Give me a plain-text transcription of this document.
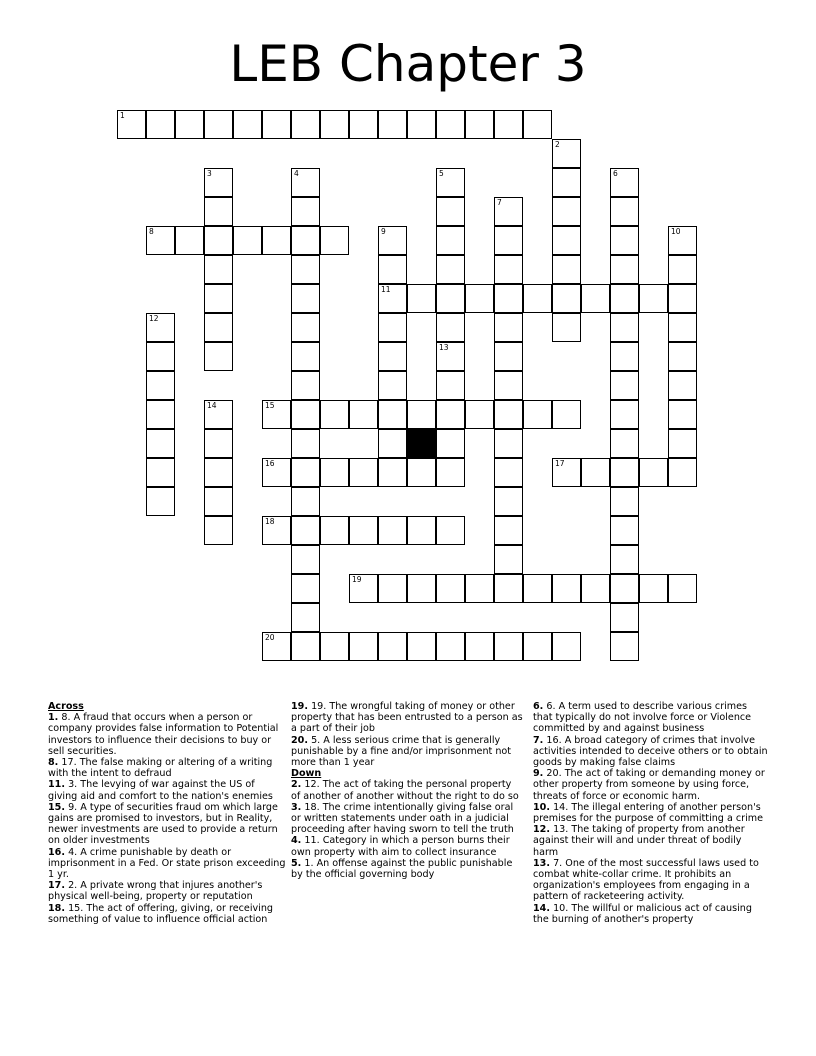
LEB Chapter 3
1
2
3	4	5
13
6
7
8	9
11
10
12
14	15
16	17
18
19
20
Across
1. 8. A fraud that occurs when a person or company provides false information to Potential investors to influence their decisions to buy or sell securities.
8. 17. The false making or altering of a writing with the intent to defraud
11. 3. The levying of war against the US of giving aid and comfort to the nation's enemies
15. 9. A type of securities fraud om which large gains are promised to investors, but in Reality, newer investments are used to provide a return on older investments
16. 4. A crime punishable by death or imprisonment in a Fed. Or state prison exceeding 1 yr.
17. 2. A private wrong that injures another's physical well-being, property or reputation
18. 15. The act of offering, giving, or receiving something of value to influence official action
19. 19. The wrongful taking of money or other property that has been entrusted to a person as a part of their job
20. 5. A less serious crime that is generally punishable by a fine and/or imprisonment not more than 1 year
Down
2. 12. The act of taking the personal property of another of another without the right to do so
3. 18. The crime intentionally giving false oral or written statements under oath in a judicial proceeding after having sworn to tell the truth
4. 11. Category in which a person burns their own property with aim to collect insurance
5. 1. An offense against the public punishable by the official governing body
6. 6. A term used to describe various crimes that typically do not involve force or Violence committed by and against business
7. 16. A broad category of crimes that involve activities intended to deceive others or to obtain goods by making false claims
9. 20. The act of taking or demanding money or other property from someone by using force, threats of force or economic harm.
10. 14. The illegal entering of another person's premises for the purpose of committing a crime
12. 13. The taking of property from another against their will and under threat of bodily harm
13. 7. One of the most successful laws used to combat white-collar crime. It prohibits an organization's employees from engaging in a pattern of racketeering activity.
14. 10. The willful or malicious act of causing the burning of another's property
